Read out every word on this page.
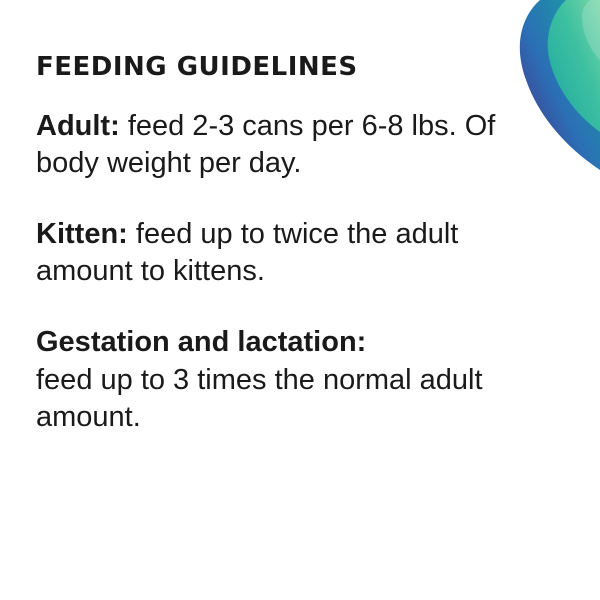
FEEDING GUIDELINES

Adult: feed 2-3 cans per 6-8 lbs. Of body weight per day.

Kitten: feed up to twice the adult amount to kittens.

Gestation and lactation:
feed up to 3 times the normal adult amount.
